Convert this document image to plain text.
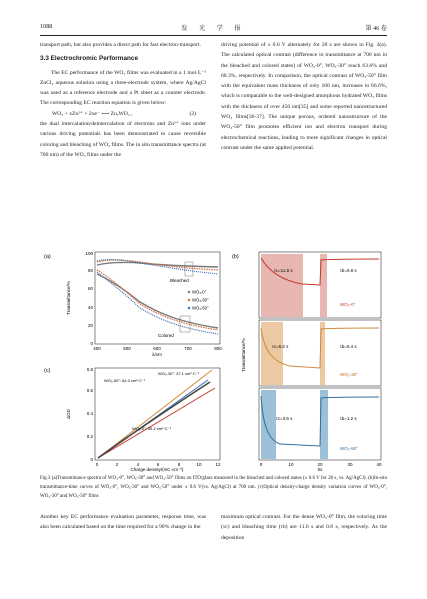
1088	发 光 学 报	第 46 卷

transport path, but also provides a direct path for fast electron-transport.

3.3 Electrochromic Performance

The EC performance of the WO₃ films was evaluated in a 1 mol·L⁻¹ ZnCl₂ aqueous solution using a three-electrode system, where Ag/AgCl was used as a reference electrode and a Pt sheet as a counter electrode. The corresponding EC reaction equation is given below:

WO₃ + xZn²⁺ + 2xe⁻ ⟷ ZnₓWO₃ ,	(2)

the dual intercalation/deintercalation of electrons and Zn²⁺ ions under various driving potentials has been demonstrated to cause reversible coloring and bleaching of WO₃ films. The in situ transmittance spectra (at 700 nm) of the WO₃ films under the

driving potential of ± 0.6 V alternately for 20 s are shown in Fig. 3(a). The calculated optical contrast (difference in transmittance at 700 nm in the bleached and colored states) of WO₃-0°, WO₃-30° reach 63.6% and 60.3%, respectively. In comparison, the optical contrast of WO₃-50° film with the equivalent mass thickness of only 166 nm, increases to 66.6%, which is comparable to the well-designed amorphous hydrated WO₃ films with the thickness of over 450 nm[35] and some reported nanostructured WO₃ films[36-37]. The unique porous, ordered nanostructure of the WO₃-50° film promotes efficient ion and electron transport during electrochemical reactions, leading to more significant changes in optical contrast under the same applied potential.

(a)
Transmittance/%
0
20
40
60
80
100
400	500	600	700	800
λ/nm
Bleached
Colored
WO₃-0°
WO₃-30°
WO₃-50°
(c)
ΔOD
0
0.2
0.4
0.6
0.8
0	2	4	6	8	10	12
Charge density/(mC·cm⁻²)
WO₃-50°: 64.3 cm²·C⁻¹
WO₃-30°: 37.1 cm²·C⁻¹
WO₃-0°: 55.2 cm²·C⁻¹
(b)
Transmittance/%
τc=11.6 s	τb=0.8 s
WO₃-0°
τc=6.2 s	τb=0.4 s
WO₃-30°
τc=3.6 s	τb=1.2 s
WO₃-50°
0	10	20	30	40
t/s
Fig.3 (a)Transmittance spectra of WO₃-0°, WO₃-30° and WO₃-50° films on ITO/glass measured in the bleached and colored states (± 0.6 V for 20 s, vs. Ag/AgCl). (b)In-situ transmittance-time curves of WO₃-0°, WO₃-30° and WO₃-50° under ± 0.6 V(vs. Ag/AgCl) at 700 nm. (c)Optical density-charge density variation curves of WO₃-0°, WO₃-30° and WO₃-50° films

Another key EC performance evaluation parameter, response time, was also been calculated based on the time required for a 90% change in the

maximum optical contrast. For the dense WO₃-0° film, the coloring time (τc) and bleaching time (τb) are 11.6 s and 0.8 s, respectively. As the deposition
